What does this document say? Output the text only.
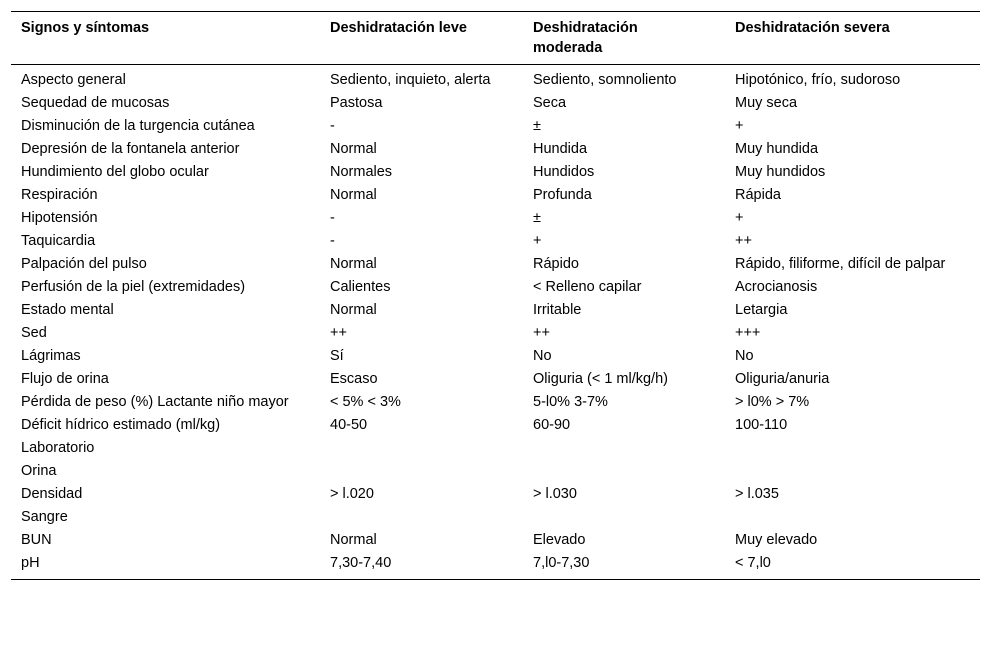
Signos y síntomas	Deshidratación leve	Deshidratación moderada	Deshidratación severa
Aspecto general	Sediento, inquieto, alerta	Sediento, somnoliento	Hipotónico, frío, sudoroso
Sequedad de mucosas	Pastosa	Seca	Muy seca
Disminución de la turgencia cutánea	-	±	+
Depresión de la fontanela anterior	Normal	Hundida	Muy hundida
Hundimiento del globo ocular	Normales	Hundidos	Muy hundidos
Respiración	Normal	Profunda	Rápida
Hipotensión	-	±	+
Taquicardia	-	+	++
Palpación del pulso	Normal	Rápido	Rápido, filiforme, difícil de palpar
Perfusión de la piel (extremidades)	Calientes	< Relleno capilar	Acrocianosis
Estado mental	Normal	Irritable	Letargia
Sed	++	++	+++
Lágrimas	Sí	No	No
Flujo de orina	Escaso	Oliguria (< 1 ml/kg/h)	Oliguria/anuria
Pérdida de peso (%) Lactante niño mayor	< 5% < 3%	5-l0% 3-7%	> l0% > 7%
Déficit hídrico estimado (ml/kg)	40-50	60-90	100-110
Laboratorio			
Orina			
Densidad	> l.020	> l.030	> l.035
Sangre			
BUN	Normal	Elevado	Muy elevado
pH	7,30-7,40	7,l0-7,30	< 7,l0
